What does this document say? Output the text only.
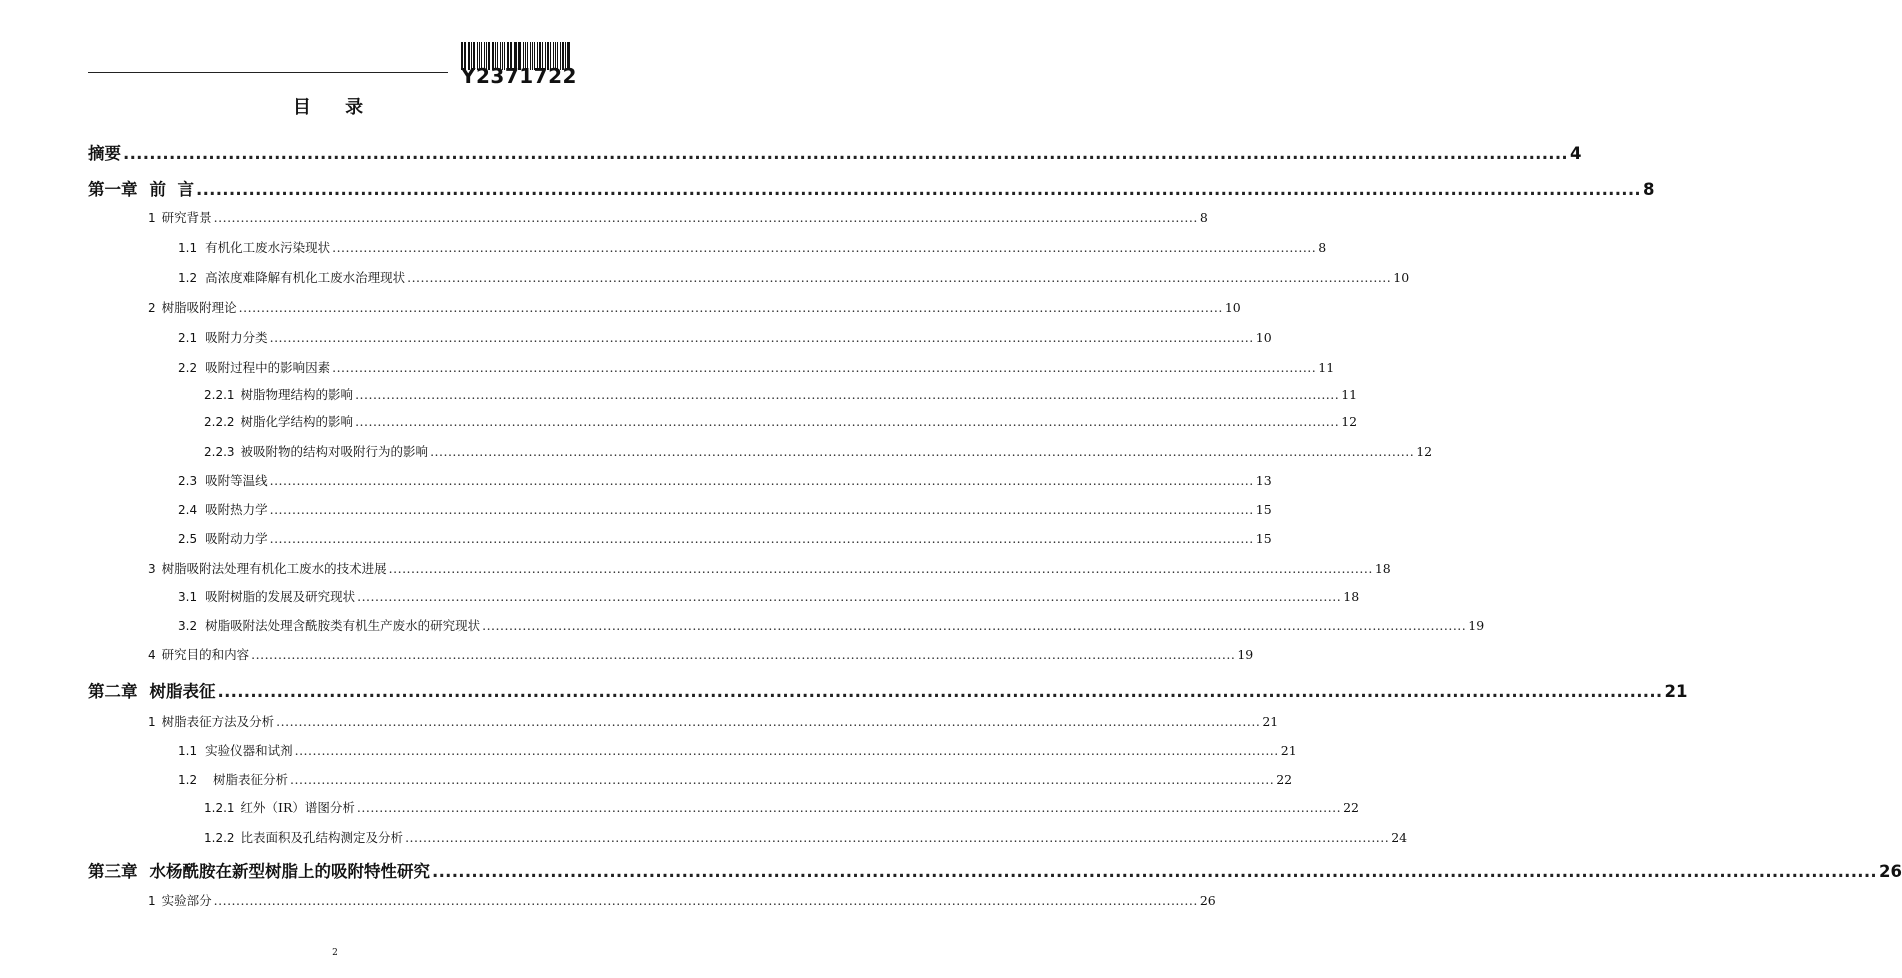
Y2371722
目 录
摘要 ............................................................................................................................................................................................................................ 4
第一章 前  言 ............................................................................................................................................................................................................................ 8
1 研究背景 ............................................................................................................................................................................................................................ 8
1.1 有机化工废水污染现状 ............................................................................................................................................................................................................................ 8
1.2 高浓度难降解有机化工废水治理现状 ............................................................................................................................................................................................................................ 10
2 树脂吸附理论 ............................................................................................................................................................................................................................ 10
2.1 吸附力分类 ............................................................................................................................................................................................................................ 10
2.2 吸附过程中的影响因素 ............................................................................................................................................................................................................................ 11
2.2.1 树脂物理结构的影响 ............................................................................................................................................................................................................................ 11
2.2.2 树脂化学结构的影响 ............................................................................................................................................................................................................................ 12
2.2.3 被吸附物的结构对吸附行为的影响 ............................................................................................................................................................................................................................ 12
2.3 吸附等温线 ............................................................................................................................................................................................................................ 13
2.4 吸附热力学 ............................................................................................................................................................................................................................ 15
2.5 吸附动力学 ............................................................................................................................................................................................................................ 15
3 树脂吸附法处理有机化工废水的技术进展 ............................................................................................................................................................................................................................ 18
3.1 吸附树脂的发展及研究现状 ............................................................................................................................................................................................................................ 18
3.2 树脂吸附法处理含酰胺类有机生产废水的研究现状 ............................................................................................................................................................................................................................ 19
4 研究目的和内容 ............................................................................................................................................................................................................................ 19
第二章 树脂表征 ............................................................................................................................................................................................................................ 21
1 树脂表征方法及分析 ............................................................................................................................................................................................................................ 21
1.1 实验仪器和试剂 ............................................................................................................................................................................................................................ 21
1.2  树脂表征分析 ............................................................................................................................................................................................................................ 22
1.2.1 红外（IR）谱图分析 ............................................................................................................................................................................................................................ 22
1.2.2 比表面积及孔结构测定及分析 ............................................................................................................................................................................................................................ 24
第三章 水杨酰胺在新型树脂上的吸附特性研究 ............................................................................................................................................................................................................................ 26
1 实验部分 ............................................................................................................................................................................................................................ 26
2
